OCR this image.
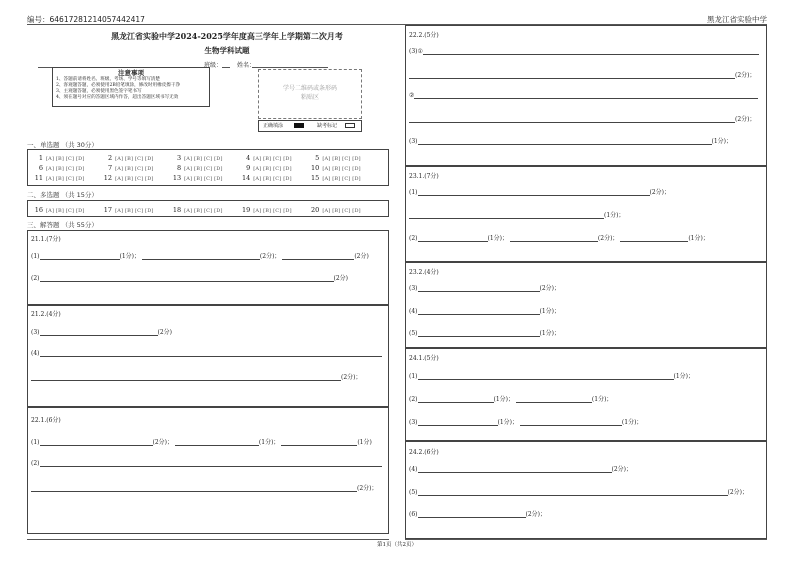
编号：64617281214057442417	黑龙江省实验中学
黑龙江省实验中学2024-2025学年度高三学年上学期第二次月考
生物学科试题
班级： 姓名：
注意事项
1、答题前请将姓名、班级、考场、学号等填写清楚
2、客观题答题，必须使用2B铅笔填涂，修改时用橡皮擦干净
3、主观题答题，必须使用黑色签字笔书写
4、须在题号对应的答题区域内作答，超出答题区域书写无效
学号二维码或条形码
粘贴区
正确填涂	缺考标记
一、单选题 （共 30分）
1 [A] [B] [C] [D]	2 [A] [B] [C] [D]	3 [A] [B] [C] [D]	4 [A] [B] [C] [D]	5 [A] [B] [C] [D]
6 [A] [B] [C] [D]	7 [A] [B] [C] [D]	8 [A] [B] [C] [D]	9 [A] [B] [C] [D]	10 [A] [B] [C] [D]
11 [A] [B] [C] [D]	12 [A] [B] [C] [D]	13 [A] [B] [C] [D]	14 [A] [B] [C] [D]	15 [A] [B] [C] [D]
二、多选题 （共 15分）
16 [A] [B] [C] [D]	17 [A] [B] [C] [D]	18 [A] [B] [C] [D]	19 [A] [B] [C] [D]	20 [A] [B] [C] [D]
三、解答题 （共 55分）
21.1.(7分)
(1)	(1分)；	(2分)；	(2分)
(2)	(2分)
21.2.(4分)
(3)	(2分)
(4)
(2分)；
22.1.(6分)
(1)	(2分)；	(1分)；	(1分)
(2)
(2分)；
22.2.(5分)
(3)①
(2分)；
②
(2分)；
(3)	(1分)；
23.1.(7分)
(1)	(2分)；
(1分)；
(2)	(1分)；	(2分)；	(1分)；
23.2.(4分)
(3)	(2分)；
(4)	(1分)；
(5)	(1分)；
24.1.(5分)
(1)	(1分)；
(2)	(1分)；	(1分)；
(3)	(1分)；	(1分)；
24.2.(6分)
(4)	(2分)；
(5)	(2分)；
(6)	(2分)；
第1页（共2页）
